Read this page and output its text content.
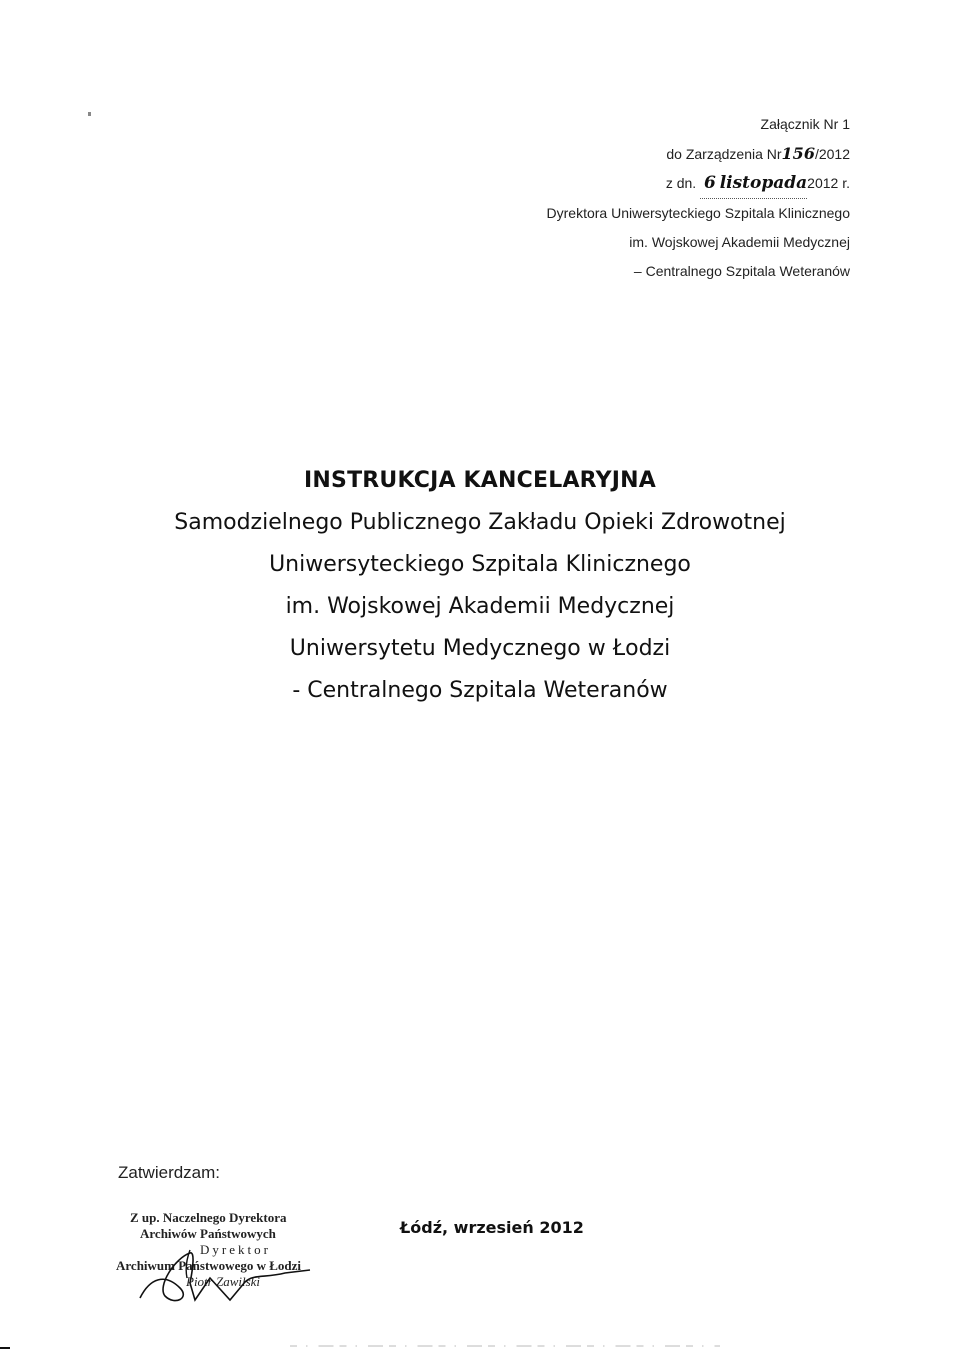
Załącznik Nr 1
do Zarządzenia Nr156/2012
z dn. 6 listopada2012 r.
Dyrektora Uniwersyteckiego Szpitala Klinicznego
im. Wojskowej Akademii Medycznej
– Centralnego Szpitala Weteranów
INSTRUKCJA KANCELARYJNA
Samodzielnego Publicznego Zakładu Opieki Zdrowotnej
Uniwersyteckiego Szpitala Klinicznego
im. Wojskowej Akademii Medycznej
Uniwersytetu Medycznego w Łodzi
- Centralnego Szpitala Weteranów
Zatwierdzam:
Z up. Naczelnego Dyrektora
Archiwów Państwowych
Dyrektor
Archiwum Państwowego w Łodzi
Piotr Zawilski
Łódź, wrzesień 2012
